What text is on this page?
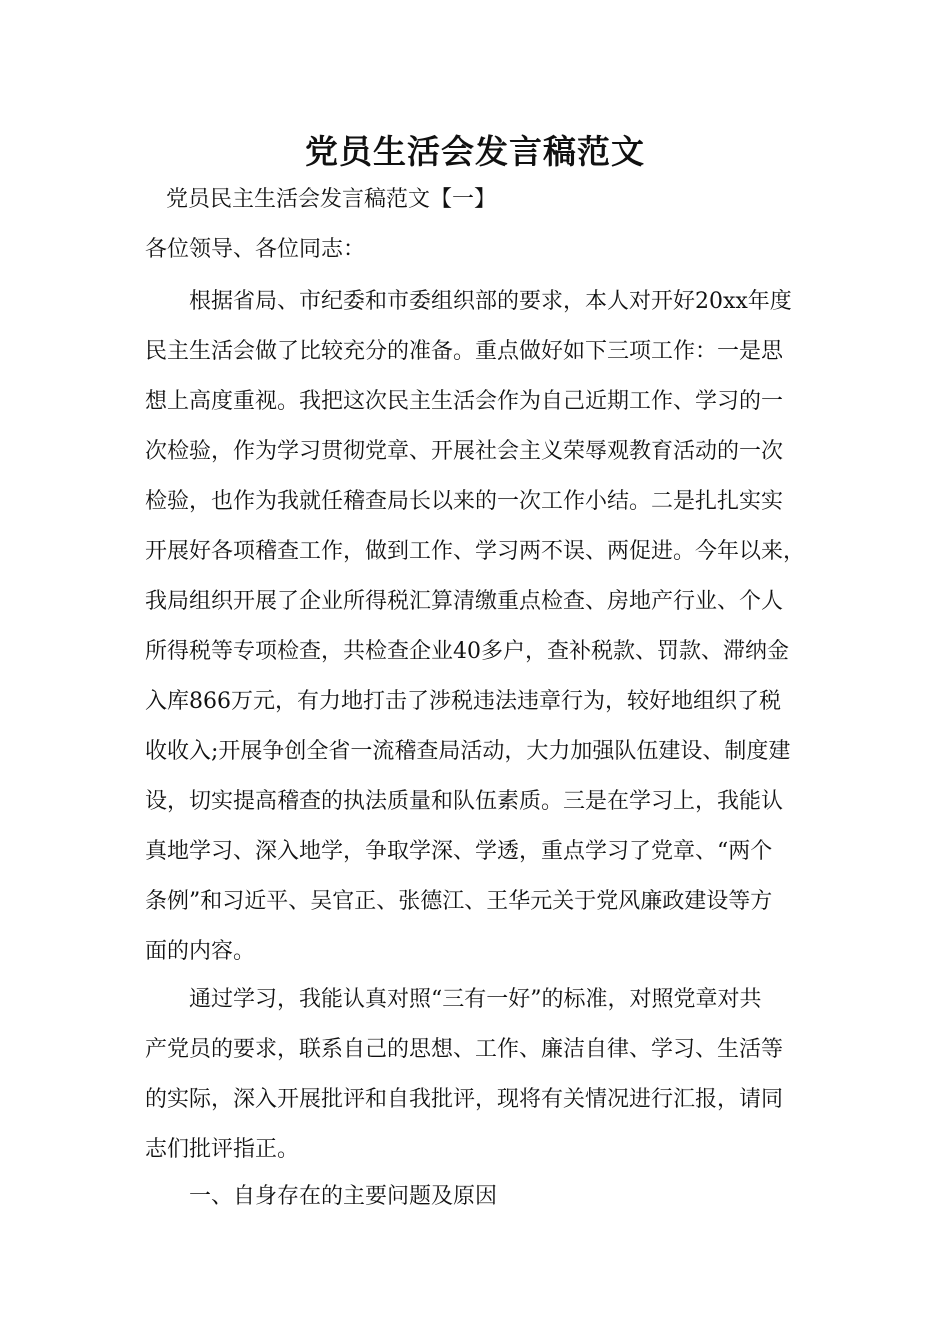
党员生活会发言稿范文
党员民主生活会发言稿范文【一】
各位领导、各位同志：
　　根据省局、市纪委和市委组织部的要求，本人对开好20xx年度
民主生活会做了比较充分的准备。重点做好如下三项工作：一是思
想上高度重视。我把这次民主生活会作为自己近期工作、学习的一
次检验，作为学习贯彻党章、开展社会主义荣辱观教育活动的一次
检验，也作为我就任稽查局长以来的一次工作小结。二是扎扎实实
开展好各项稽查工作，做到工作、学习两不误、两促进。今年以来，
我局组织开展了企业所得税汇算清缴重点检查、房地产行业、个人
所得税等专项检查，共检查企业40多户，查补税款、罚款、滞纳金
入库866万元，有力地打击了涉税违法违章行为，较好地组织了税
收收入;开展争创全省一流稽查局活动，大力加强队伍建设、制度建
设，切实提高稽查的执法质量和队伍素质。三是在学习上，我能认
真地学习、深入地学，争取学深、学透，重点学习了党章、“两个
条例”和习近平、吴官正、张德江、王华元关于党风廉政建设等方
面的内容。
　　通过学习，我能认真对照“三有一好”的标准，对照党章对共
产党员的要求，联系自己的思想、工作、廉洁自律、学习、生活等
的实际，深入开展批评和自我批评，现将有关情况进行汇报，请同
志们批评指正。
一、自身存在的主要问题及原因
